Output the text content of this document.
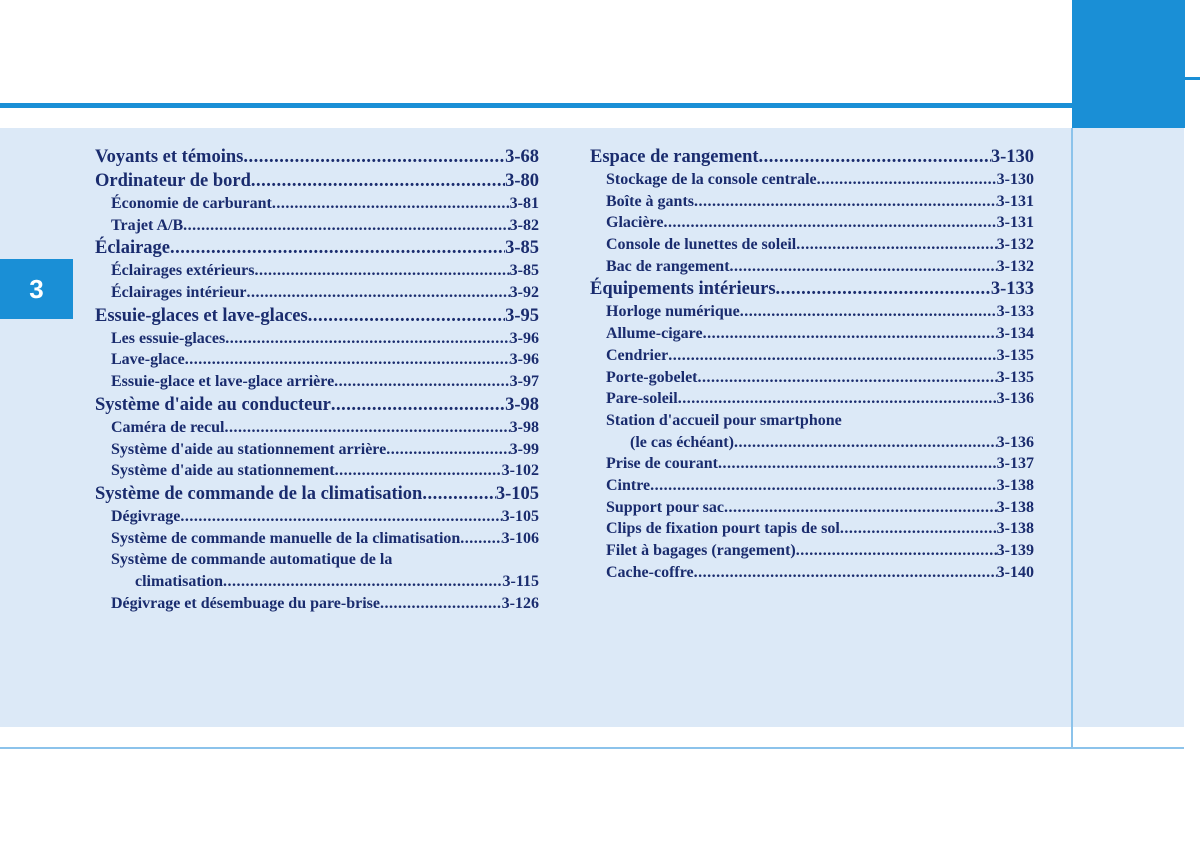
3
Voyants et témoins .....	3-68
Ordinateur de bord .....	3-80
Économie de carburant .....	3-81
Trajet A/B .....	3-82
Éclairage .....	3-85
Éclairages extérieurs .....	3-85
Éclairages intérieur .....	3-92
Essuie-glaces et lave-glaces .....	3-95
Les essuie-glaces .....	3-96
Lave-glace .....	3-96
Essuie-glace et lave-glace arrière .....	3-97
Système d'aide au conducteur .....	3-98
Caméra de recul .....	3-98
Système d'aide au stationnement arrière .....	3-99
Système d'aide au stationnement .....	3-102
Système de commande de la climatisation .....	3-105
Dégivrage .....	3-105
Système de commande manuelle de la climatisation .....	3-106
Système de commande automatique de la
climatisation .....	3-115
Dégivrage et désembuage du pare-brise .....	3-126
Espace de rangement .....	3-130
Stockage de la console centrale .....	3-130
Boîte à gants .....	3-131
Glacière .....	3-131
Console de lunettes de soleil .....	3-132
Bac de rangement .....	3-132
Équipements intérieurs .....	3-133
Horloge numérique .....	3-133
Allume-cigare .....	3-134
Cendrier .....	3-135
Porte-gobelet .....	3-135
Pare-soleil .....	3-136
Station d'accueil pour smartphone
(le cas échéant) .....	3-136
Prise de courant .....	3-137
Cintre .....	3-138
Support pour sac .....	3-138
Clips de fixation pourt tapis de sol .....	3-138
Filet à bagages (rangement) .....	3-139
Cache-coffre .....	3-140
